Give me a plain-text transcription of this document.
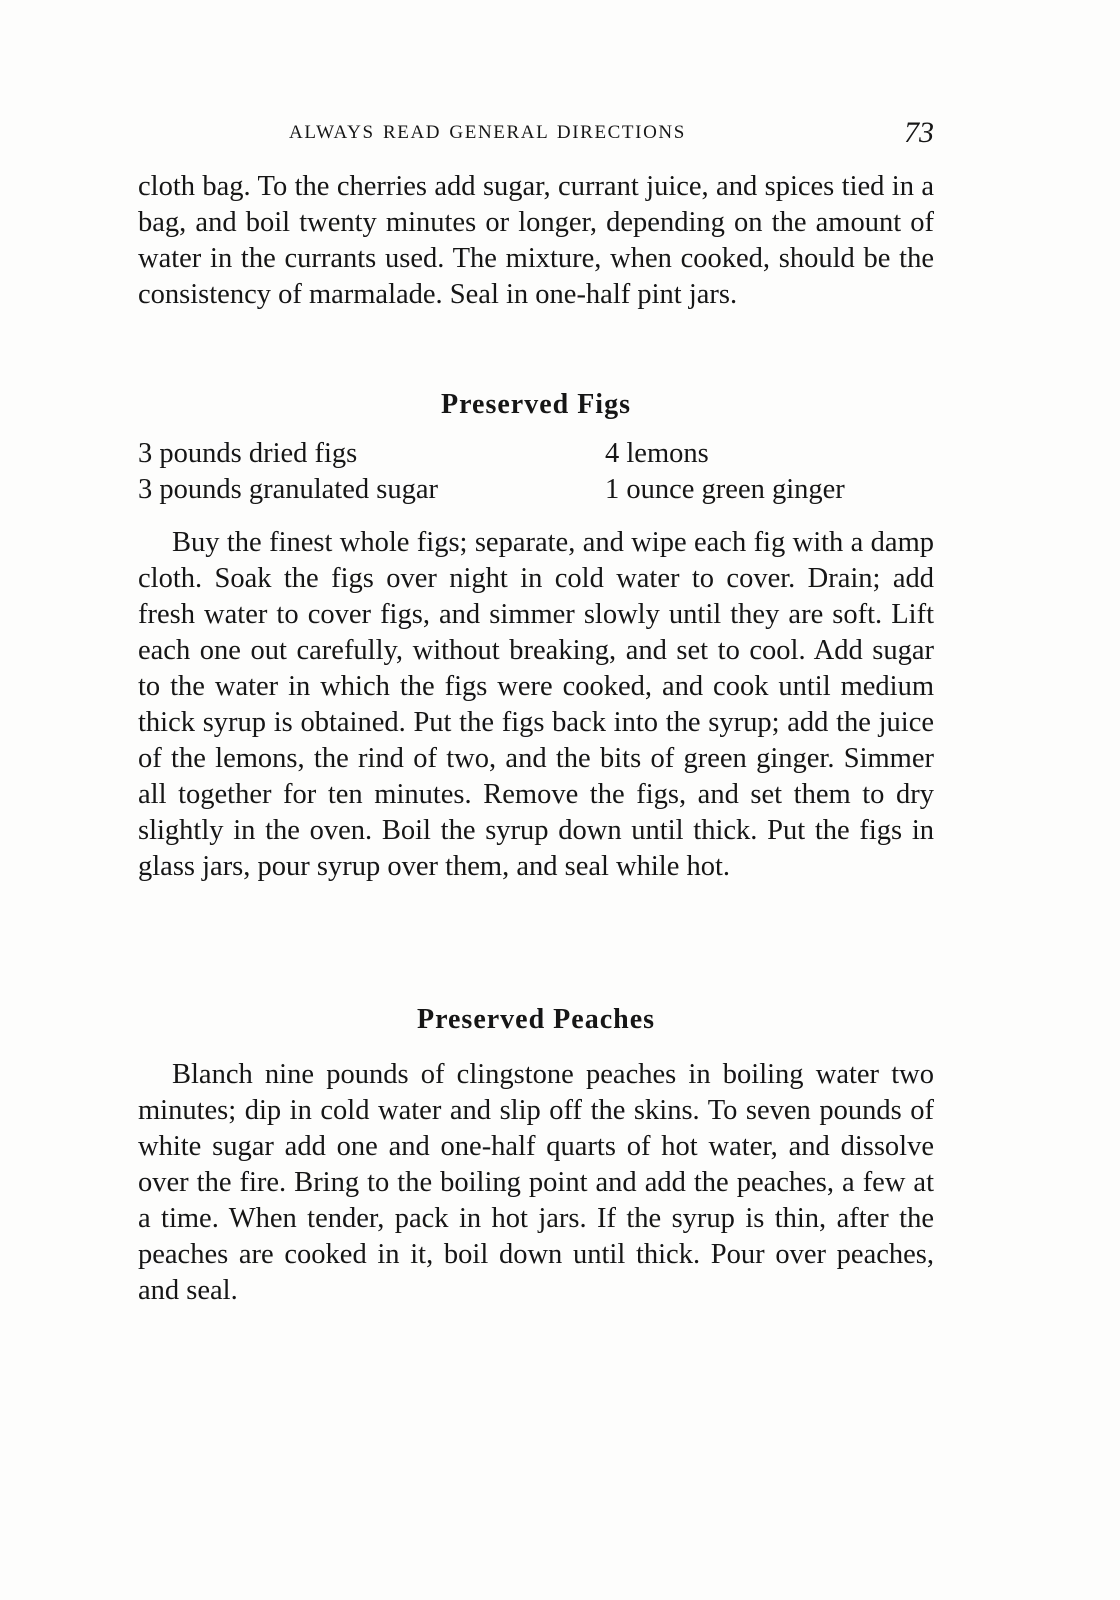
ALWAYS READ GENERAL DIRECTIONS	73

cloth bag. To the cherries add sugar, currant juice, and spices tied in a bag, and boil twenty minutes or longer, depending on the amount of water in the currants used. The mixture, when cooked, should be the consistency of marmalade. Seal in one-half pint jars.

Preserved Figs
3 pounds dried figs	4 lemons
3 pounds granulated sugar	1 ounce green ginger

Buy the finest whole figs; separate, and wipe each fig with a damp cloth. Soak the figs over night in cold water to cover. Drain; add fresh water to cover figs, and simmer slowly until they are soft. Lift each one out carefully, without breaking, and set to cool. Add sugar to the water in which the figs were cooked, and cook until medium thick syrup is obtained. Put the figs back into the syrup; add the juice of the lemons, the rind of two, and the bits of green ginger. Simmer all together for ten minutes. Remove the figs, and set them to dry slightly in the oven. Boil the syrup down until thick. Put the figs in glass jars, pour syrup over them, and seal while hot.

Preserved Peaches

Blanch nine pounds of clingstone peaches in boiling water two minutes; dip in cold water and slip off the skins. To seven pounds of white sugar add one and one-half quarts of hot water, and dissolve over the fire. Bring to the boiling point and add the peaches, a few at a time. When tender, pack in hot jars. If the syrup is thin, after the peaches are cooked in it, boil down until thick. Pour over peaches, and seal.
